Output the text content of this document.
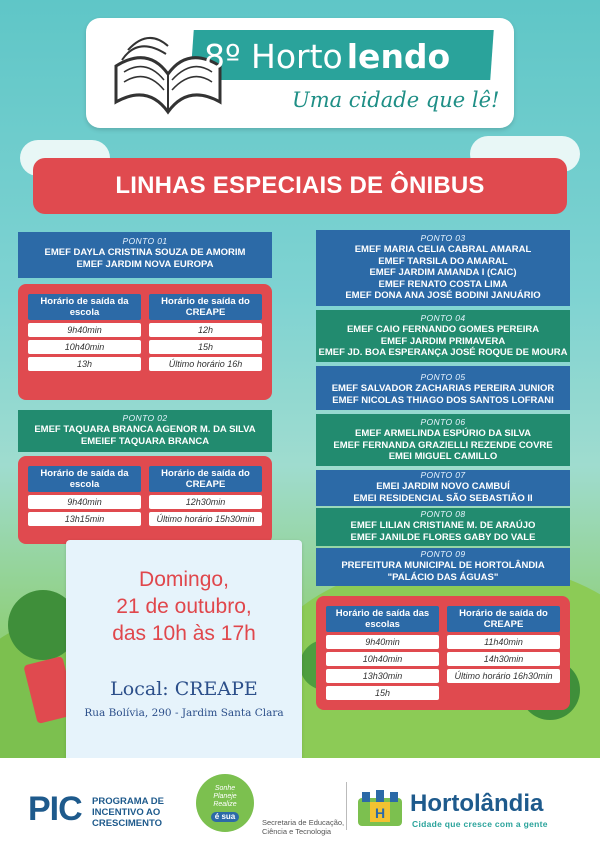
8º Horto lendo
Uma cidade que lê!
LINHAS ESPECIAIS DE ÔNIBUS
PONTO 01
EMEF DAYLA CRISTINA SOUZA DE AMORIM
EMEF JARDIM NOVA EUROPA
Horário de saída da escola
9h40min
10h40min
13h
Horário de saída do CREAPE
12h
15h
Último horário 16h
PONTO 02
EMEF TAQUARA BRANCA AGENOR M. DA SILVA
EMEIEF TAQUARA BRANCA
Horário de saída da escola
9h40min
13h15min
Horário de saída do CREAPE
12h30min
Último horário 15h30min
PONTO 03
EMEF MARIA CELIA CABRAL AMARAL
EMEF TARSILA DO AMARAL
EMEF JARDIM AMANDA I (CAIC)
EMEF RENATO COSTA LIMA
EMEF DONA ANA JOSÉ BODINI JANUÁRIO
PONTO 04
EMEF CAIO FERNANDO GOMES PEREIRA
EMEF JARDIM PRIMAVERA
EMEF JD. BOA ESPERANÇA JOSÉ ROQUE DE MOURA
PONTO 05
EMEF SALVADOR ZACHARIAS PEREIRA JUNIOR
EMEF NICOLAS THIAGO DOS SANTOS LOFRANI
PONTO 06
EMEF ARMELINDA ESPÚRIO DA SILVA
EMEF FERNANDA GRAZIELLI REZENDE COVRE
EMEI MIGUEL CAMILLO
PONTO 07
EMEI JARDIM NOVO CAMBUÍ
EMEI RESIDENCIAL SÃO SEBASTIÃO II
PONTO 08
EMEF LILIAN CRISTIANE M. DE ARAÚJO
EMEF JANILDE FLORES GABY DO VALE
PONTO 09
PREFEITURA MUNICIPAL DE HORTOLÂNDIA
"PALÁCIO DAS ÁGUAS"
Horário de saída das escolas
9h40min
10h40min
13h30min
15h
Horário de saída do CREAPE
11h40min
14h30min
Último horário 16h30min
Domingo,
21 de outubro,
das 10h às 17h
Local: CREAPE
Rua Bolívia, 290 - Jardim Santa Clara
PIC	PROGRAMA DE
INCENTIVO AO
CRESCIMENTO
Sonhe
Planeje
Realize
é sua
Secretaria de Educação,
Ciência e Tecnologia
H Hortolândia
Cidade que cresce com a gente
